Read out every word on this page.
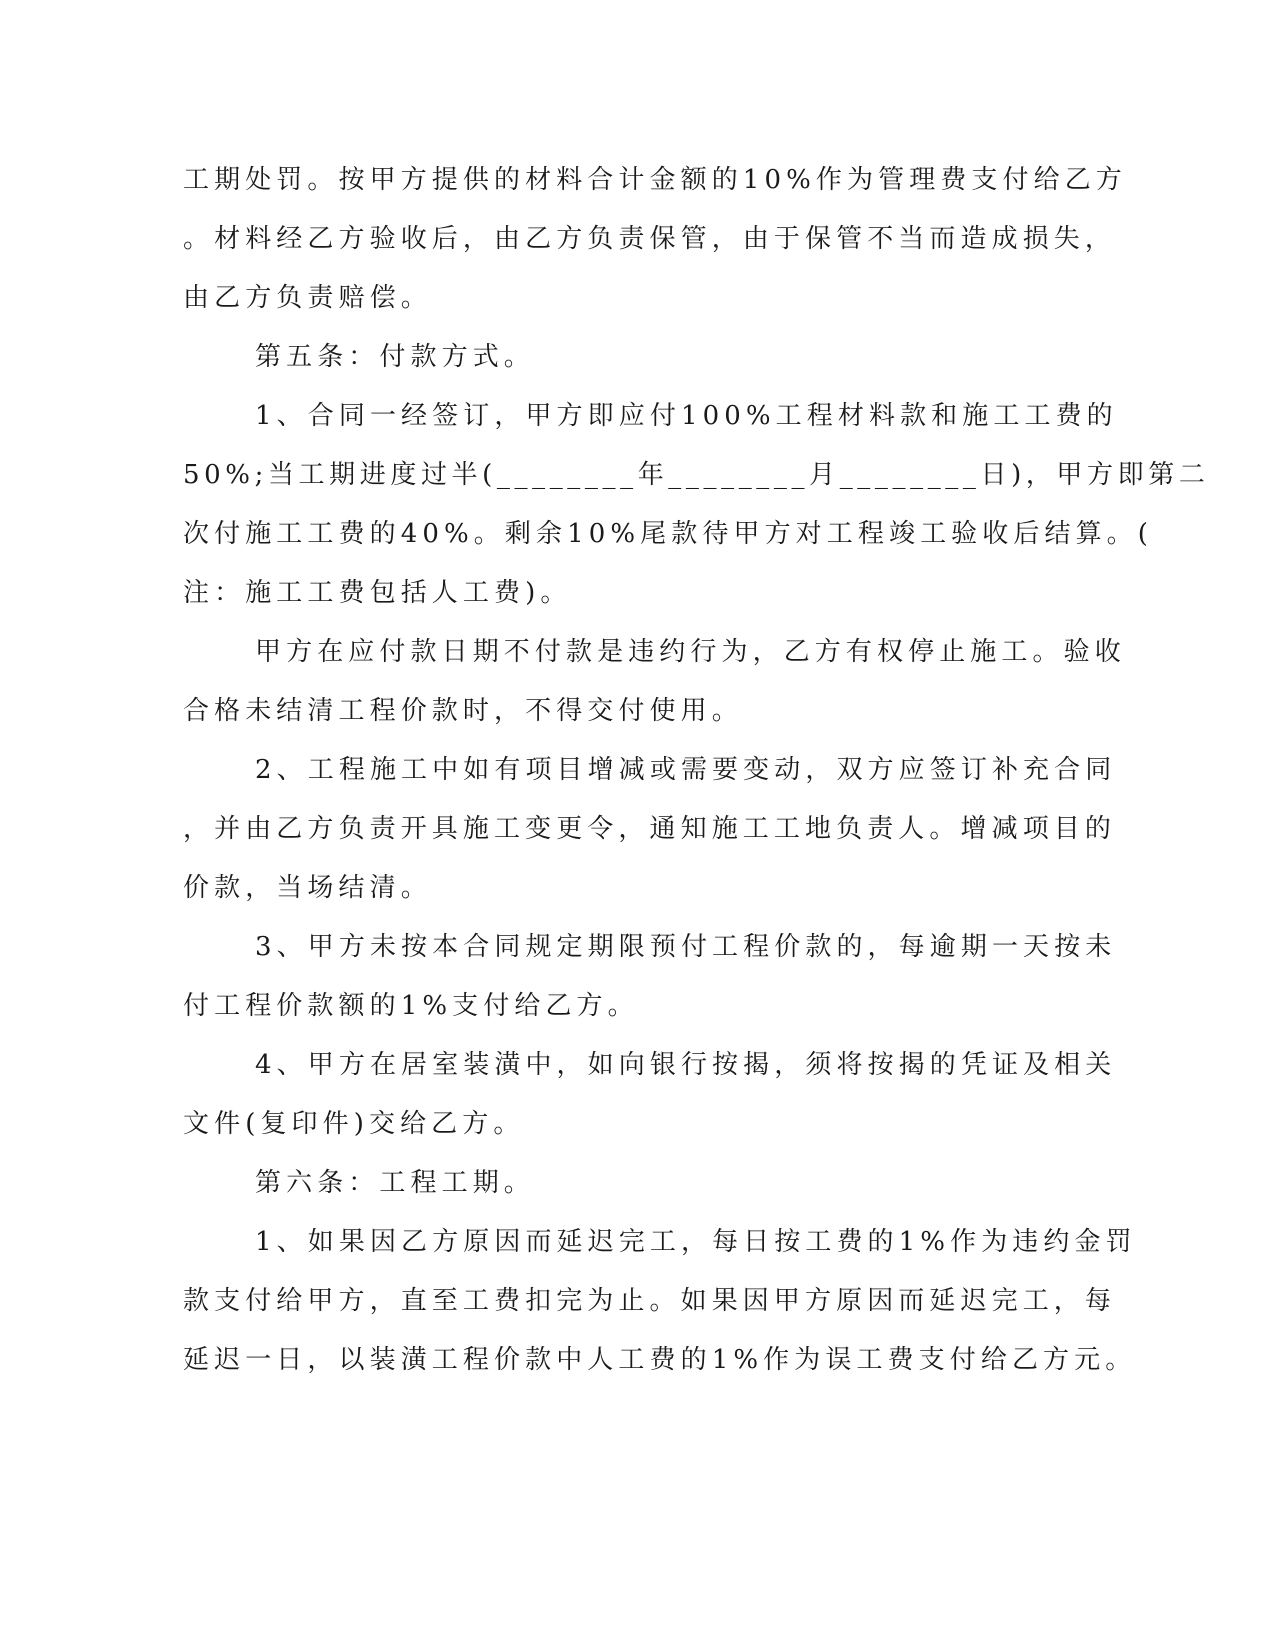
工期处罚。按甲方提供的材料合计金额的10%作为管理费支付给乙方
。材料经乙方验收后，由乙方负责保管，由于保管不当而造成损失，
由乙方负责赔偿。
第五条：付款方式。
1、合同一经签订，甲方即应付100%工程材料款和施工工费的
50%;当工期进度过半(________年________月________日)，甲方即第二
次付施工工费的40%。剩余10%尾款待甲方对工程竣工验收后结算。(
注：施工工费包括人工费)。
甲方在应付款日期不付款是违约行为，乙方有权停止施工。验收
合格未结清工程价款时，不得交付使用。
2、工程施工中如有项目增减或需要变动，双方应签订补充合同
，并由乙方负责开具施工变更令，通知施工工地负责人。增减项目的
价款，当场结清。
3、甲方未按本合同规定期限预付工程价款的，每逾期一天按未
付工程价款额的1%支付给乙方。
4、甲方在居室装潢中，如向银行按揭，须将按揭的凭证及相关
文件(复印件)交给乙方。
第六条：工程工期。
1、如果因乙方原因而延迟完工，每日按工费的1%作为违约金罚
款支付给甲方，直至工费扣完为止。如果因甲方原因而延迟完工，每
延迟一日，以装潢工程价款中人工费的1%作为误工费支付给乙方元。
